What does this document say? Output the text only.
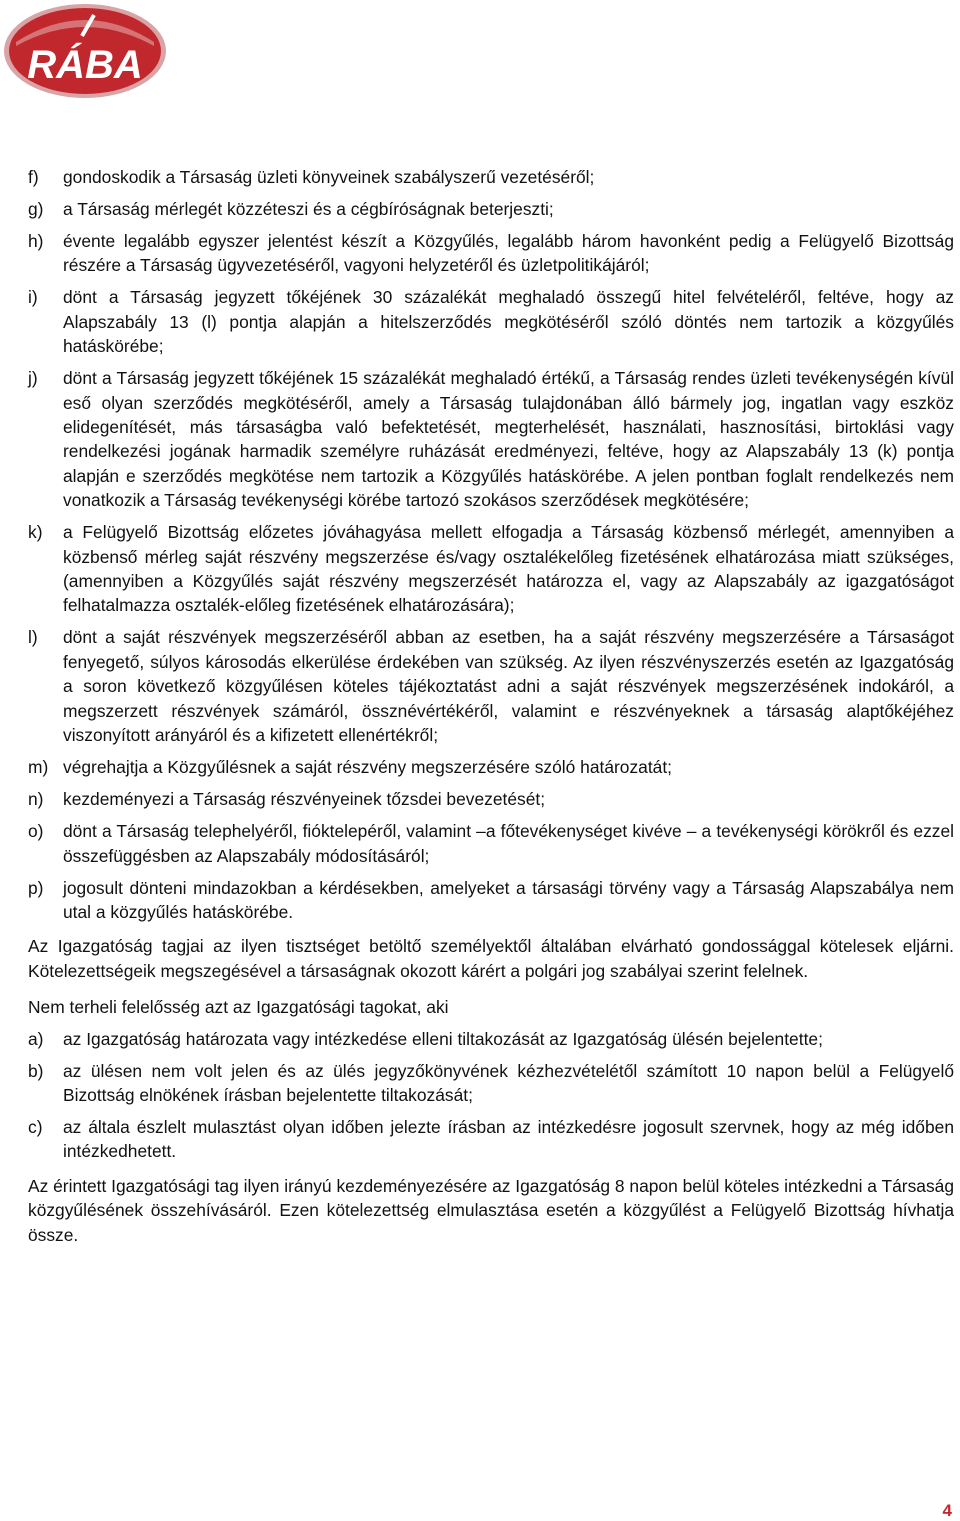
RÁBA
f)	gondoskodik a Társaság üzleti könyveinek szabályszerű vezetéséről;
g)	a Társaság mérlegét közzéteszi és a cégbíróságnak beterjeszti;
h)	évente legalább egyszer jelentést készít a Közgyűlés, legalább három havonként pedig a Felügyelő Bizottság részére a Társaság ügyvezetéséről, vagyoni helyzetéről és üzletpolitikájáról;
i)	dönt a Társaság jegyzett tőkéjének 30 százalékát meghaladó összegű hitel felvételéről, feltéve, hogy az Alapszabály 13 (l) pontja alapján a hitelszerződés megkötéséről szóló döntés nem tartozik a közgyűlés hatáskörébe;
j)	dönt a Társaság jegyzett tőkéjének 15 százalékát meghaladó értékű, a Társaság rendes üzleti tevékenységén kívül eső olyan szerződés megkötéséről, amely a Társaság tulajdonában álló bármely jog, ingatlan vagy eszköz elidegenítését, más társaságba való befektetését, megterhelését, használati, hasznosítási, birtoklási vagy rendelkezési jogának harmadik személyre ruházását eredményezi, feltéve, hogy az Alapszabály 13 (k) pontja alapján e szerződés megkötése nem tartozik a Közgyűlés hatáskörébe. A jelen pontban foglalt rendelkezés nem vonatkozik a Társaság tevékenységi körébe tartozó szokásos szerződések megkötésére;
k)	a Felügyelő Bizottság előzetes jóváhagyása mellett elfogadja a Társaság közbenső mérlegét, amennyiben a közbenső mérleg saját részvény megszerzése és/vagy osztalékelőleg fizetésének elhatározása miatt szükséges, (amennyiben a Közgyűlés saját részvény megszerzését határozza el, vagy az Alapszabály az igazgatóságot felhatalmazza osztalék-előleg fizetésének elhatározására);
l)	dönt a saját részvények megszerzéséről abban az esetben, ha a saját részvény megszerzésére a Társaságot fenyegető, súlyos károsodás elkerülése érdekében van szükség. Az ilyen részvényszerzés esetén az Igazgatóság a soron következő közgyűlésen köteles tájékoztatást adni a saját részvények megszerzésének indokáról, a megszerzett részvények számáról, össznévértékéről, valamint e részvényeknek a társaság alaptőkéjéhez viszonyított arányáról és a kifizetett ellenértékről;
m) végrehajtja a Közgyűlésnek a saját részvény megszerzésére szóló határozatát;
n)	kezdeményezi a Társaság részvényeinek tőzsdei bevezetését;
o)	dönt a Társaság telephelyéről, fióktelepéről, valamint –a főtevékenységet kivéve – a tevékenységi körökről és ezzel összefüggésben az Alapszabály módosításáról;
p)	jogosult dönteni mindazokban a kérdésekben, amelyeket a társasági törvény vagy a Társaság Alapszabálya nem utal a közgyűlés hatáskörébe.
Az Igazgatóság tagjai az ilyen tisztséget betöltő személyektől általában elvárható gondossággal kötelesek eljárni. Kötelezettségeik megszegésével a társaságnak okozott kárért a polgári jog szabályai szerint felelnek.
Nem terheli felelősség azt az Igazgatósági tagokat, aki
a)	az Igazgatóság határozata vagy intézkedése elleni tiltakozását az Igazgatóság ülésén bejelentette;
b)	az ülésen nem volt jelen és az ülés jegyzőkönyvének kézhezvételétől számított 10 napon belül a Felügyelő Bizottság elnökének írásban bejelentette tiltakozását;
c)	az általa észlelt mulasztást olyan időben jelezte írásban az intézkedésre jogosult szervnek, hogy az még időben intézkedhetett.
Az érintett Igazgatósági tag ilyen irányú kezdeményezésére az Igazgatóság 8 napon belül köteles intézkedni a Társaság közgyűlésének összehívásáról. Ezen kötelezettség elmulasztása esetén a közgyűlést a Felügyelő Bizottság hívhatja össze.
4
